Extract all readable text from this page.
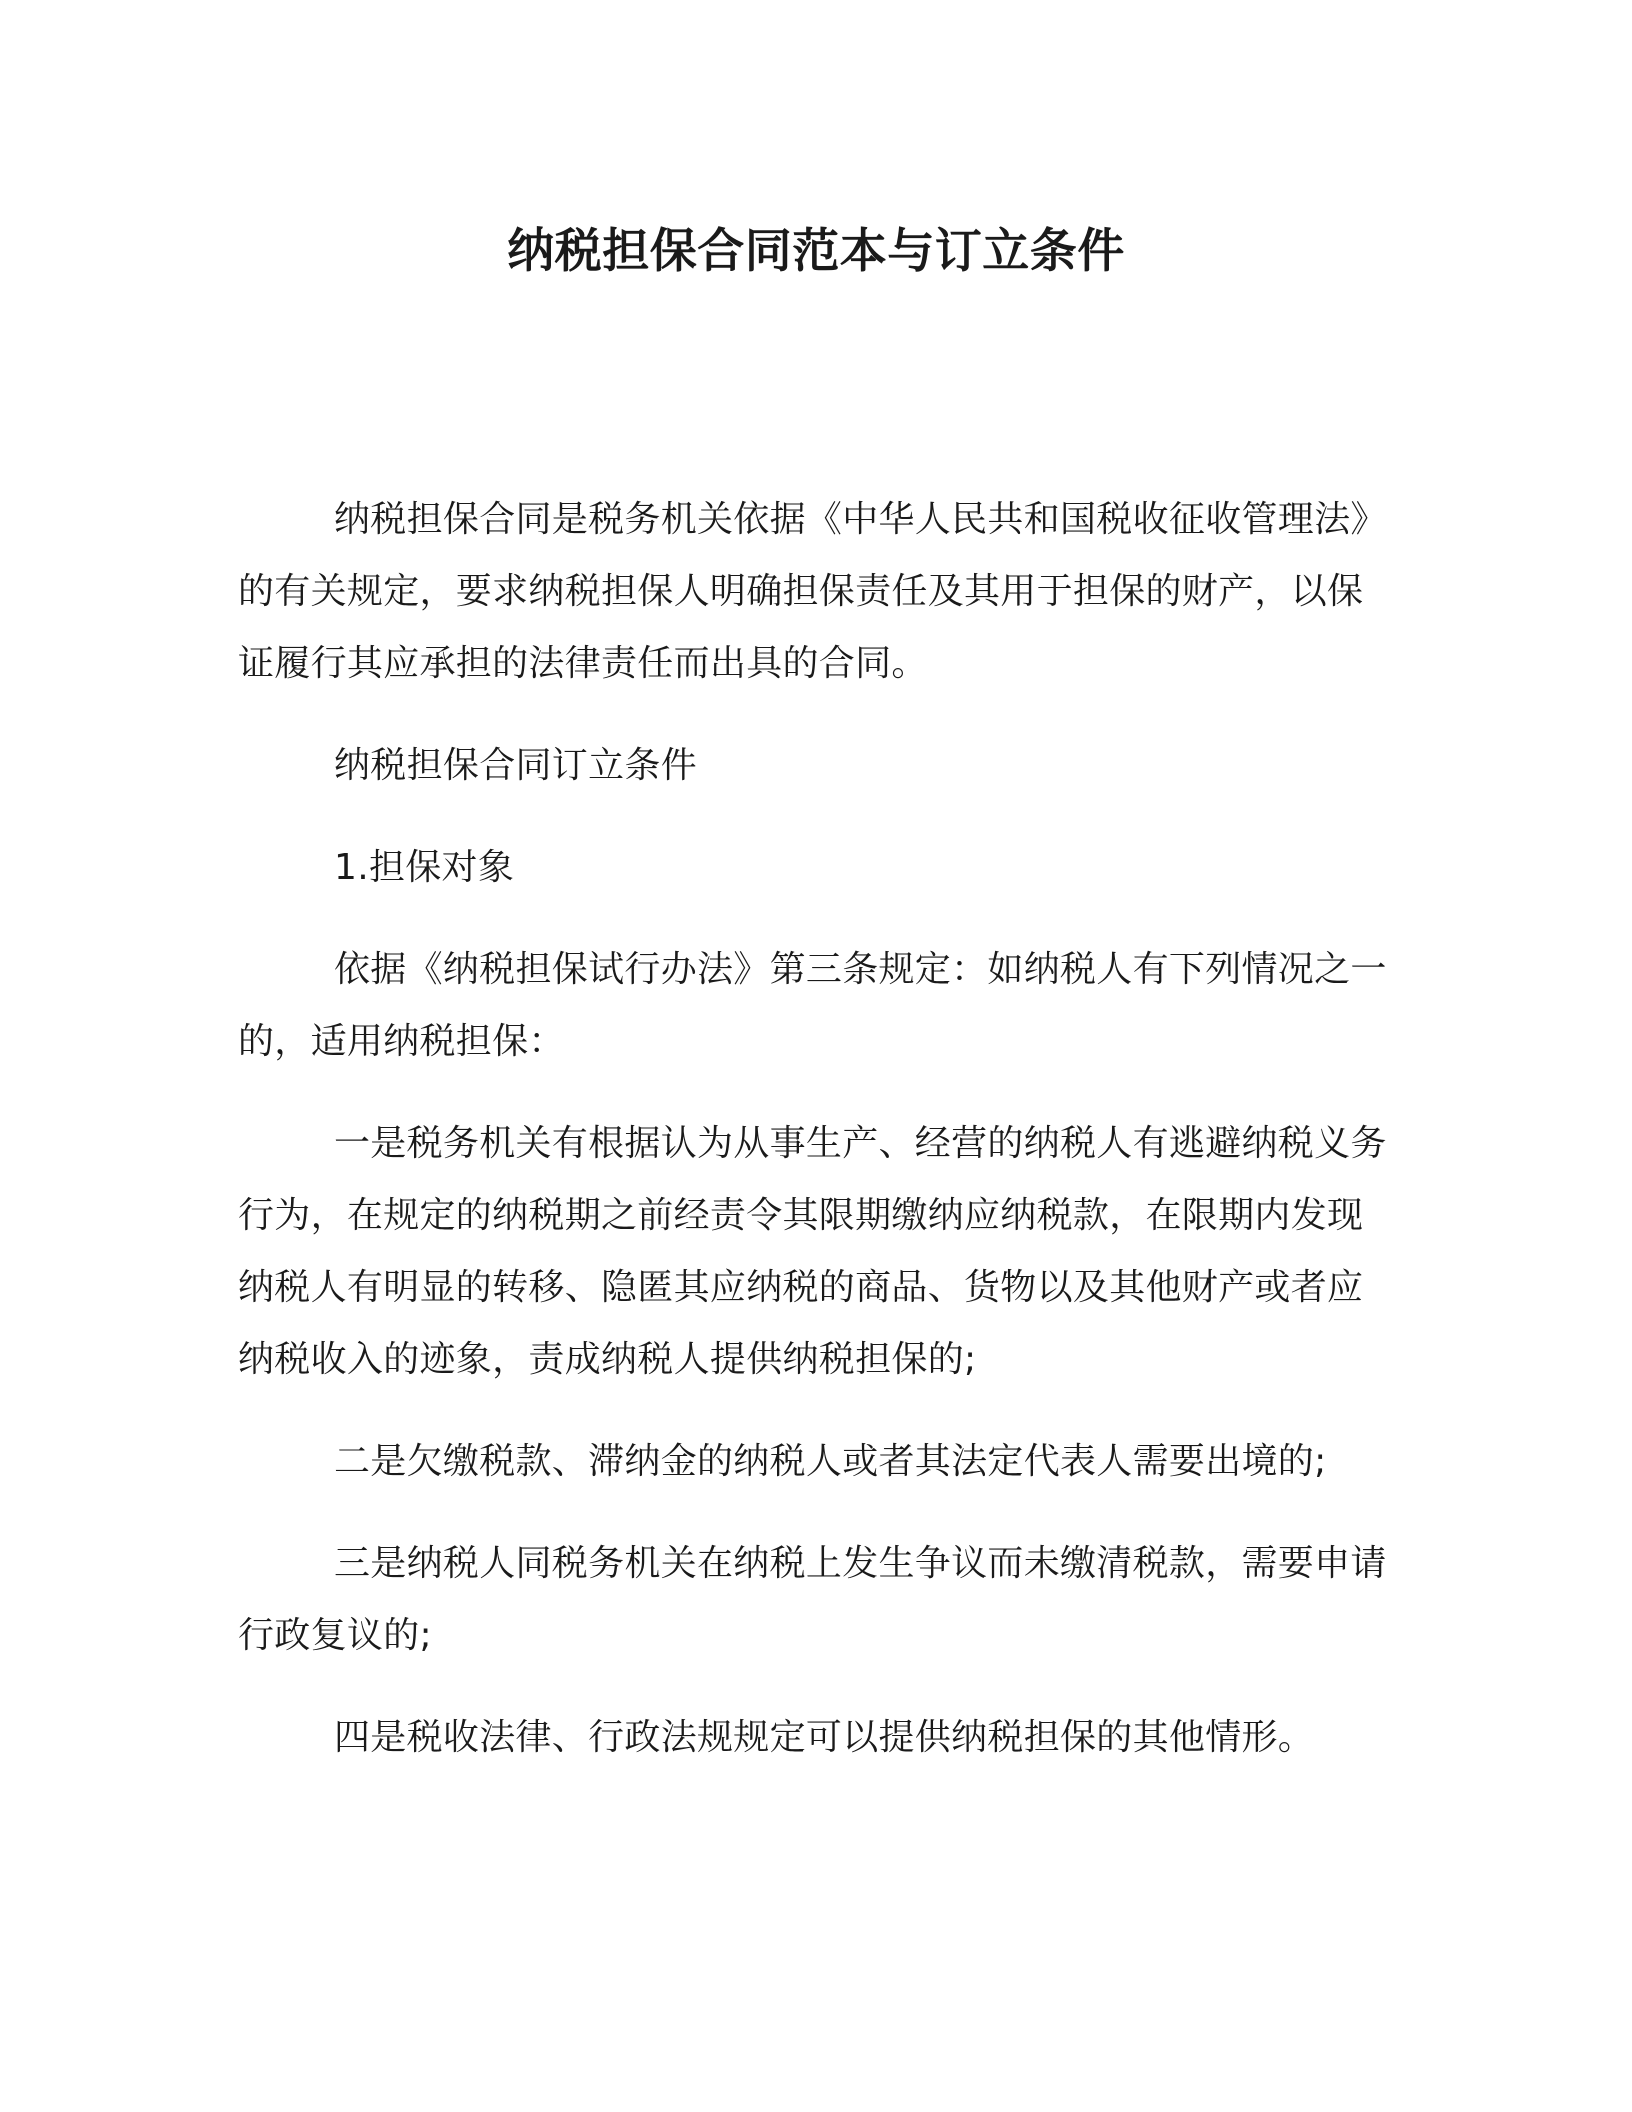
纳税担保合同范本与订立条件

纳税担保合同是税务机关依据《中华人民共和国税收征收管理法》的有关规定，要求纳税担保人明确担保责任及其用于担保的财产，以保证履行其应承担的法律责任而出具的合同。

纳税担保合同订立条件

1.担保对象

依据《纳税担保试行办法》第三条规定：如纳税人有下列情况之一的，适用纳税担保：

一是税务机关有根据认为从事生产、经营的纳税人有逃避纳税义务行为，在规定的纳税期之前经责令其限期缴纳应纳税款，在限期内发现纳税人有明显的转移、隐匿其应纳税的商品、货物以及其他财产或者应纳税收入的迹象，责成纳税人提供纳税担保的;

二是欠缴税款、滞纳金的纳税人或者其法定代表人需要出境的;

三是纳税人同税务机关在纳税上发生争议而未缴清税款，需要申请行政复议的;

四是税收法律、行政法规规定可以提供纳税担保的其他情形。
